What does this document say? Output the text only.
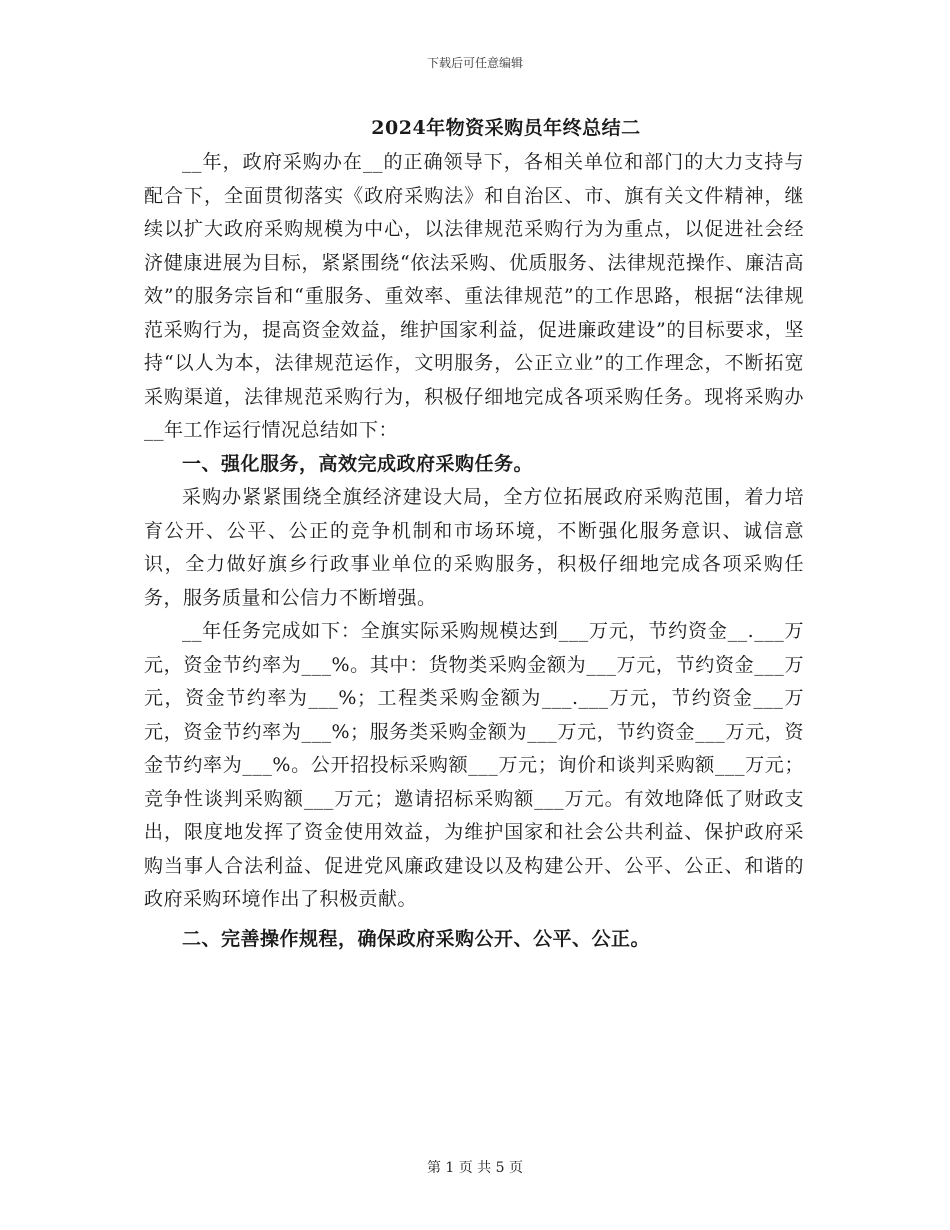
下载后可任意编辑
2024年物资采购员年终总结二

__年，政府采购办在__的正确领导下，各相关单位和部门的大力支持与配合下，全面贯彻落实《政府采购法》和自治区、市、旗有关文件精神，继续以扩大政府采购规模为中心，以法律规范采购行为为重点，以促进社会经济健康进展为目标，紧紧围绕“依法采购、优质服务、法律规范操作、廉洁高效”的服务宗旨和“重服务、重效率、重法律规范”的工作思路，根据“法律规范采购行为，提高资金效益，维护国家利益，促进廉政建设”的目标要求，坚持“以人为本，法律规范运作，文明服务，公正立业”的工作理念，不断拓宽采购渠道，法律规范采购行为，积极仔细地完成各项采购任务。现将采购办__年工作运行情况总结如下：

一、强化服务，高效完成政府采购任务。

采购办紧紧围绕全旗经济建设大局，全方位拓展政府采购范围，着力培育公开、公平、公正的竞争机制和市场环境，不断强化服务意识、诚信意识，全力做好旗乡行政事业单位的采购服务，积极仔细地完成各项采购任务，服务质量和公信力不断增强。

__年任务完成如下：全旗实际采购规模达到___万元，节约资金__.___万元，资金节约率为___%。其中：货物类采购金额为___万元，节约资金___万元，资金节约率为___%；工程类采购金额为___.___万元，节约资金___万元，资金节约率为___%；服务类采购金额为___万元，节约资金___万元，资金节约率为___%。公开招投标采购额___万元；询价和谈判采购额___万元；竞争性谈判采购额___万元；邀请招标采购额___万元。有效地降低了财政支出，限度地发挥了资金使用效益，为维护国家和社会公共利益、保护政府采购当事人合法利益、促进党风廉政建设以及构建公开、公平、公正、和谐的政府采购环境作出了积极贡献。

二、完善操作规程，确保政府采购公开、公平、公正。

第 1 页 共 5 页
